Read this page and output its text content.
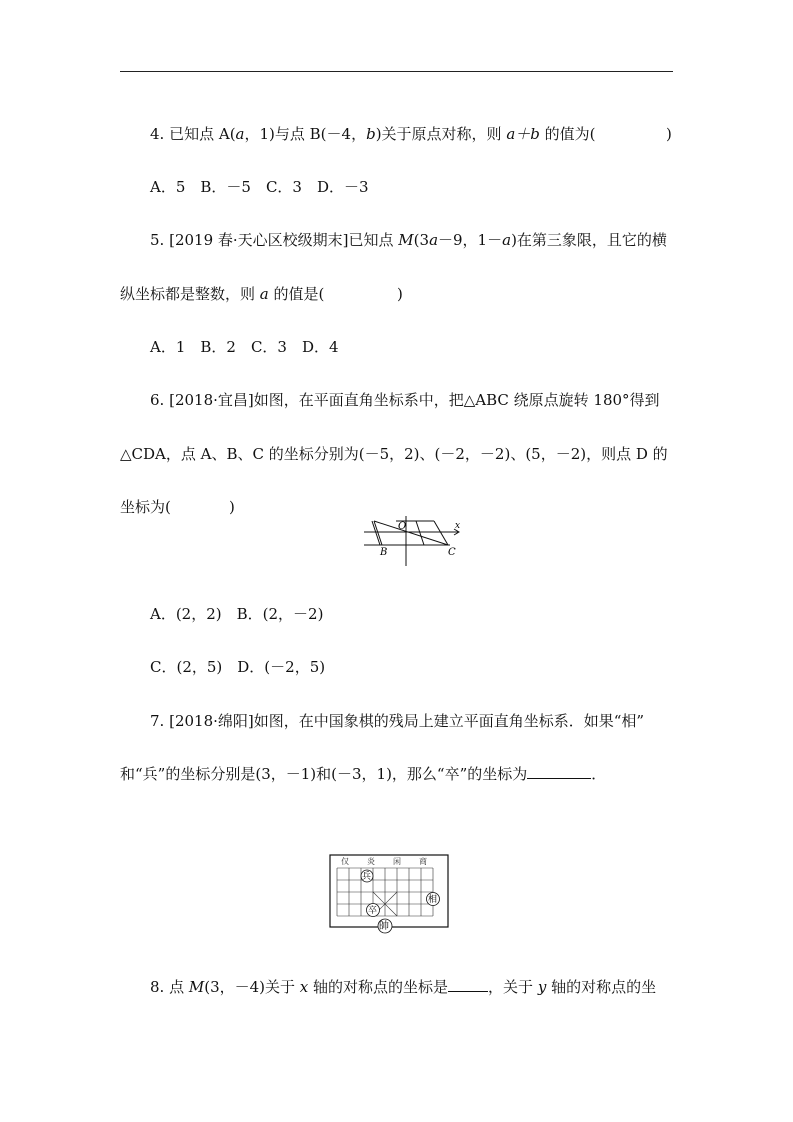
4. 已知点 A(a，1)与点 B(－4，b)关于原点对称，则 a＋b 的值为(	)
A．5　B．－5　C．3　D．－3
5. [2019 春·天心区校级期末]已知点 M(3a－9，1－a)在第三象限，且它的横
纵坐标都是整数，则 a 的值是(	)
A．1　B．2　C．3　D．4
6. [2018·宜昌]如图，在平面直角坐标系中，把△ABC 绕原点旋转 180°得到
△CDA，点 A、B、C 的坐标分别为(－5，2)、(－2，－2)、(5，－2)，则点 D 的
坐标为(	)
O	x
B	C
A．(2，2)　B．(2，－2)
C．(2，5)　D．(－2，5)
7. [2018·绵阳]如图，在中国象棋的残局上建立平面直角坐标系．如果“相”
和“兵”的坐标分别是(3，－1)和(－3，1)，那么“卒”的坐标为	．
仅 炎 闲 商
兵
相
卒
帥
8. 点 M(3，－4)关于 x 轴的对称点的坐标是	，关于 y 轴的对称点的坐
